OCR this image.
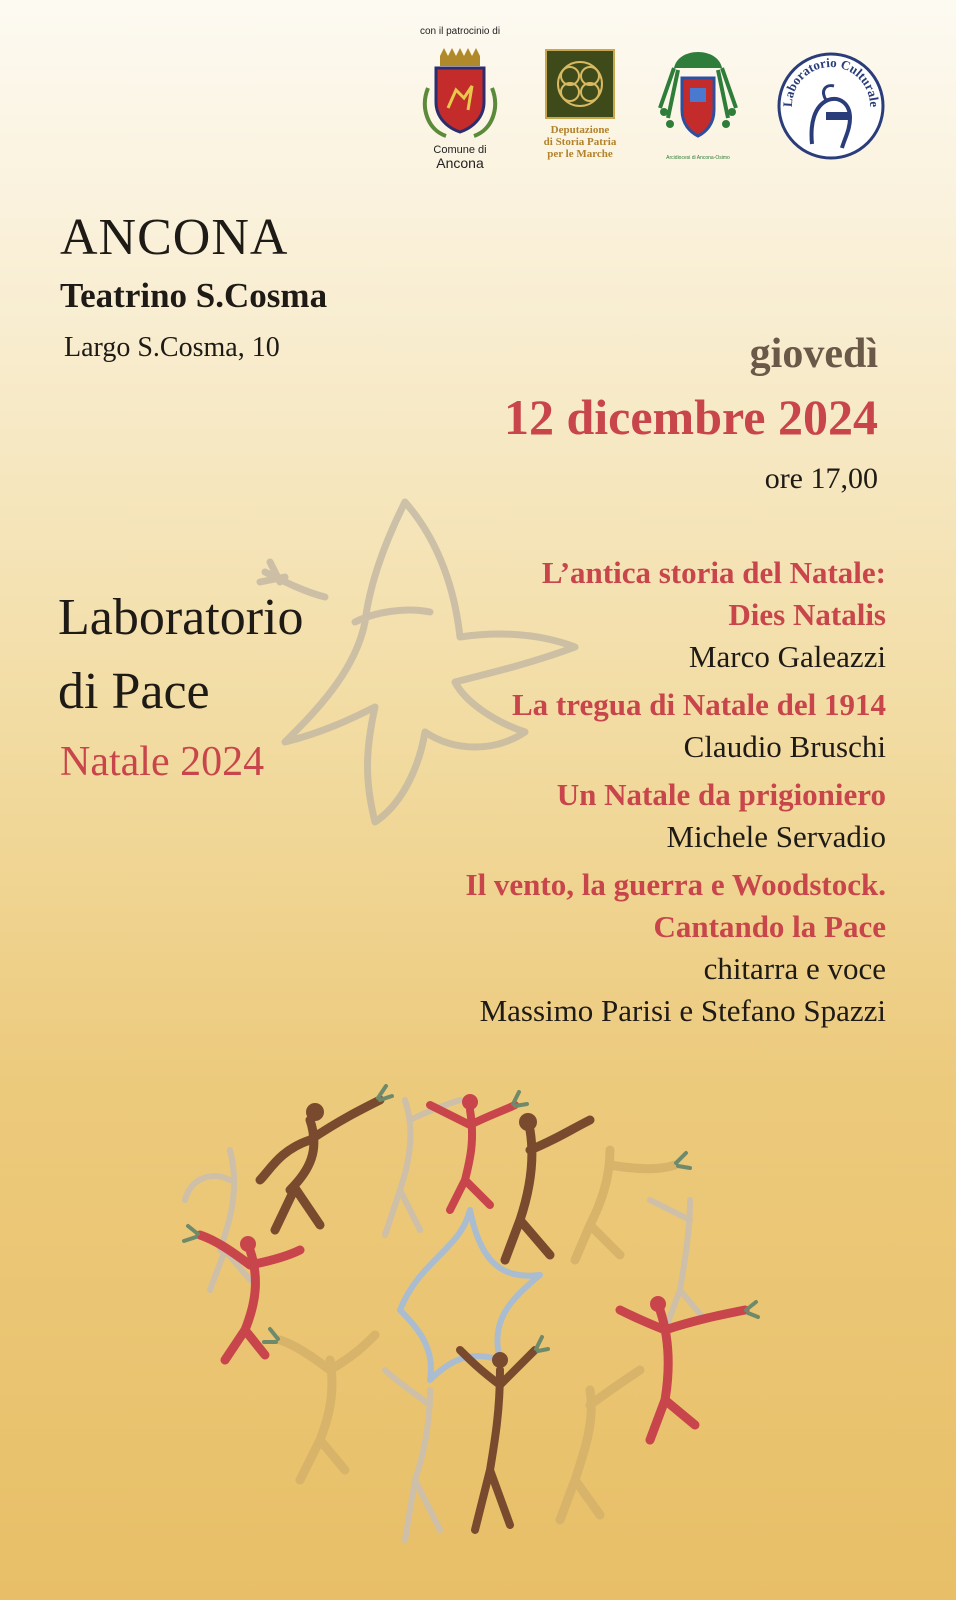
con il patrocinio di
Comune di
Ancona
Deputazione
di Storia Patria
per le Marche	Arcidiocesi di Ancona-Osimo
Laboratorio Culturale
ANCONA
Teatrino S.Cosma
Largo S.Cosma, 10	giovedì
12 dicembre 2024
ore 17,00
Laboratorio
di Pace
Natale 2024
L’antica storia del Natale:
Dies Natalis
Marco Galeazzi
La tregua di Natale del 1914
Claudio Bruschi
Un Natale da prigioniero
Michele Servadio
Il vento, la guerra e Woodstock.
Cantando la Pace
chitarra e voce
Massimo Parisi e Stefano Spazzi
